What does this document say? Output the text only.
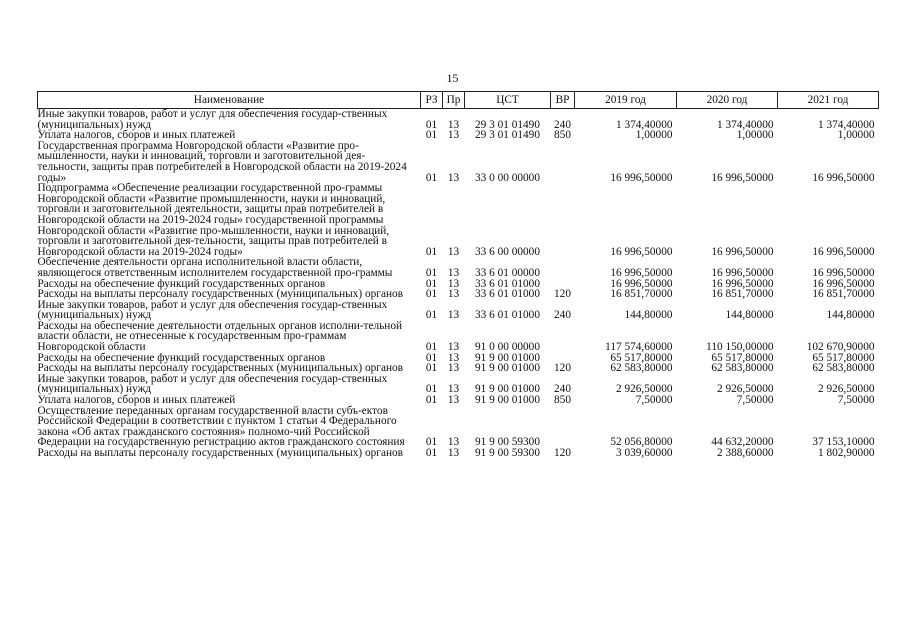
15
Наименование	РЗ	Пр	ЦСТ	ВР	2019 год	2020 год	2021 год
Иные закупки товаров, работ и услуг для обеспечения государ-ственных (муниципальных) нужд	01	13	29 3 01 01490	240	1 374,40000	1 374,40000	1 374,40000
Уплата налогов, сборов и иных платежей	01	13	29 3 01 01490	850	1,00000	1,00000	1,00000
Государственная программа Новгородской области «Развитие про-мышленности, науки и инноваций, торговли и заготовительной дея-тельности, защиты прав потребителей в Новгородской области на 2019-2024 годы»	01	13	33 0 00 00000		16 996,50000	16 996,50000	16 996,50000
Подпрограмма «Обеспечение реализации государственной про-граммы Новгородской области «Развитие промышленности, науки и инноваций, торговли и заготовительной деятельности, защиты прав потребителей в Новгородской области на 2019-2024 годы» государственной программы Новгородской области «Развитие про-мышленности, науки и инноваций, торговли и заготовительной дея-тельности, защиты прав потребителей в Новгородской области на 2019-2024 годы»	01	13	33 6 00 00000		16 996,50000	16 996,50000	16 996,50000
Обеспечение деятельности органа исполнительной власти области, являющегося ответственным исполнителем государственной про-граммы	01	13	33 6 01 00000		16 996,50000	16 996,50000	16 996,50000
Расходы на обеспечение функций государственных органов	01	13	33 6 01 01000		16 996,50000	16 996,50000	16 996,50000
Расходы на выплаты персоналу государственных (муниципальных) органов	01	13	33 6 01 01000	120	16 851,70000	16 851,70000	16 851,70000
Иные закупки товаров, работ и услуг для обеспечения государ-ственных (муниципальных) нужд	01	13	33 6 01 01000	240	144,80000	144,80000	144,80000
Расходы на обеспечение деятельности отдельных органов исполни-тельной власти области, не отнесенные к государственным про-граммам Новгородской области	01	13	91 0 00 00000		117 574,60000	110 150,00000	102 670,90000
Расходы на обеспечение функций государственных органов	01	13	91 9 00 01000		65 517,80000	65 517,80000	65 517,80000
Расходы на выплаты персоналу государственных (муниципальных) органов	01	13	91 9 00 01000	120	62 583,80000	62 583,80000	62 583,80000
Иные закупки товаров, работ и услуг для обеспечения государ-ственных (муниципальных) нужд	01	13	91 9 00 01000	240	2 926,50000	2 926,50000	2 926,50000
Уплата налогов, сборов и иных платежей	01	13	91 9 00 01000	850	7,50000	7,50000	7,50000
Осуществление переданных органам государственной власти субъ-ектов Российской Федерации в соответствии с пунктом 1 статьи 4 Федерального закона «Об актах гражданского состояния» полномо-чий Российской Федерации на государственную регистрацию актов гражданского состояния	01	13	91 9 00 59300		52 056,80000	44 632,20000	37 153,10000
Расходы на выплаты персоналу государственных (муниципальных) органов	01	13	91 9 00 59300	120	3 039,60000	2 388,60000	1 802,90000
